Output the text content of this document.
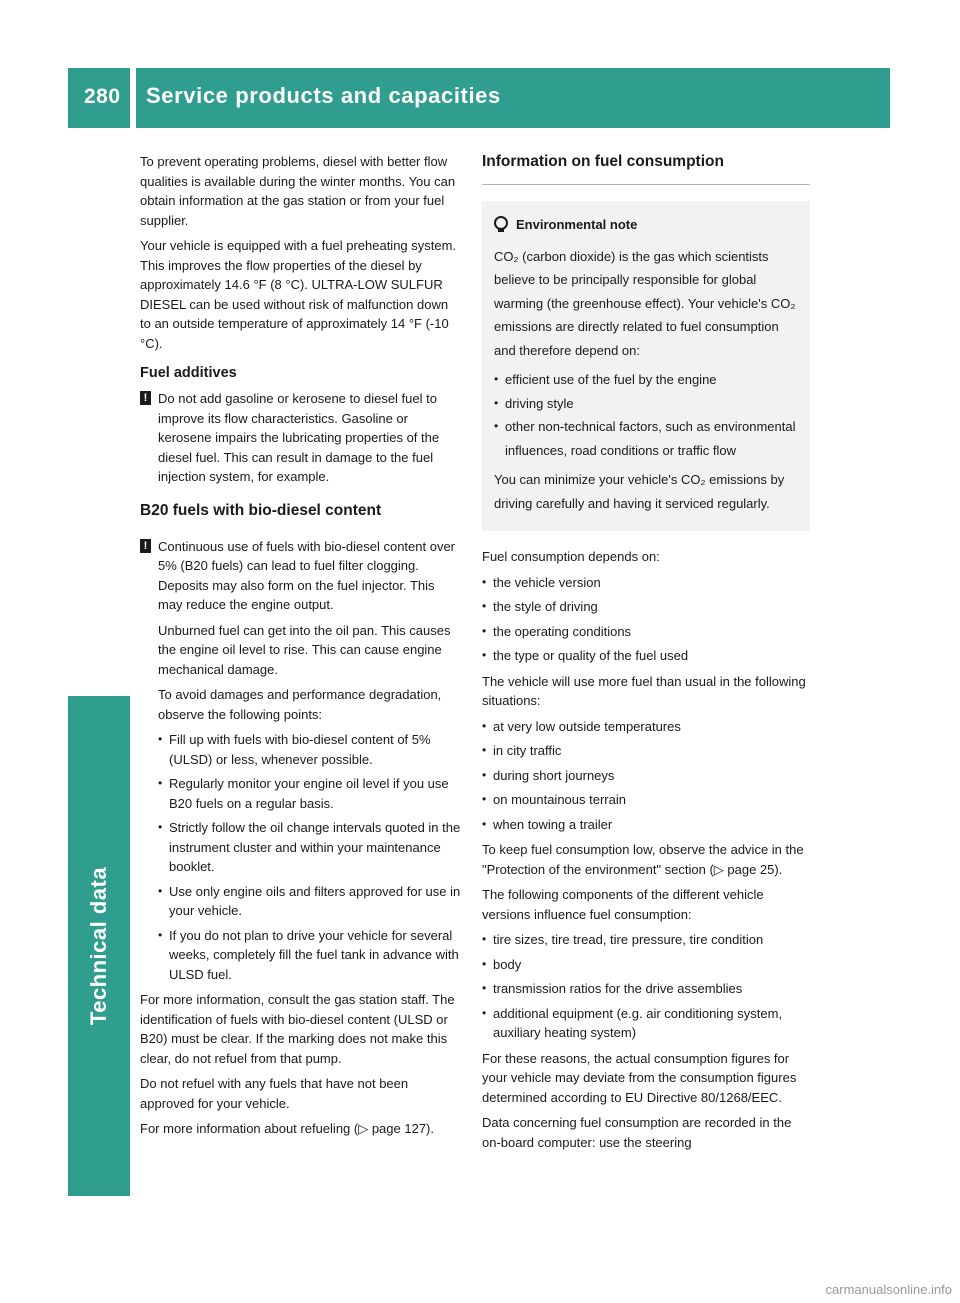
280 Service products and capacities
Technical data

To prevent operating problems, diesel with better flow qualities is available during the winter months. You can obtain information at the gas station or from your fuel supplier.

Your vehicle is equipped with a fuel preheating system. This improves the flow properties of the diesel by approximately 14.6 °F (8 °C). ULTRA-LOW SULFUR DIESEL can be used without risk of malfunction down to an outside temperature of approximately 14 °F (-10 °C).

Fuel additives
! Do not add gasoline or kerosene to diesel fuel to improve its flow characteristics. Gasoline or kerosene impairs the lubricating properties of the diesel fuel. This can result in damage to the fuel injection system, for example.
B20 fuels with bio-diesel content
! Continuous use of fuels with bio-diesel content over 5% (B20 fuels) can lead to fuel filter clogging. Deposits may also form on the fuel injector. This may reduce the engine output.

Unburned fuel can get into the oil pan. This causes the engine oil level to rise. This can cause engine mechanical damage.

To avoid damages and performance degradation, observe the following points:

• Fill up with fuels with bio-diesel content of 5% (ULSD) or less, whenever possible.
• Regularly monitor your engine oil level if you use B20 fuels on a regular basis.
• Strictly follow the oil change intervals quoted in the instrument cluster and within your maintenance booklet.
• Use only engine oils and filters approved for use in your vehicle.
• If you do not plan to drive your vehicle for several weeks, completely fill the fuel tank in advance with ULSD fuel.

For more information, consult the gas station staff. The identification of fuels with bio-diesel content (ULSD or B20) must be clear. If the marking does not make this clear, do not refuel from that pump.

Do not refuel with any fuels that have not been approved for your vehicle.

For more information about refueling (▷ page 127).

Information on fuel consumption
Environmental note

CO₂ (carbon dioxide) is the gas which scientists believe to be principally responsible for global warming (the greenhouse effect). Your vehicle's CO₂ emissions are directly related to fuel consumption and therefore depend on:

• efficient use of the fuel by the engine
• driving style
• other non-technical factors, such as environmental influences, road conditions or traffic flow

You can minimize your vehicle's CO₂ emissions by driving carefully and having it serviced regularly.

Fuel consumption depends on:

• the vehicle version
• the style of driving
• the operating conditions
• the type or quality of the fuel used

The vehicle will use more fuel than usual in the following situations:

• at very low outside temperatures
• in city traffic
• during short journeys
• on mountainous terrain
• when towing a trailer

To keep fuel consumption low, observe the advice in the "Protection of the environment" section (▷ page 25).

The following components of the different vehicle versions influence fuel consumption:

• tire sizes, tire tread, tire pressure, tire condition
• body
• transmission ratios for the drive assemblies
• additional equipment (e.g. air conditioning system, auxiliary heating system)

For these reasons, the actual consumption figures for your vehicle may deviate from the consumption figures determined according to EU Directive 80/1268/EEC.

Data concerning fuel consumption are recorded in the on-board computer: use the steering

carmanualsonline.info
